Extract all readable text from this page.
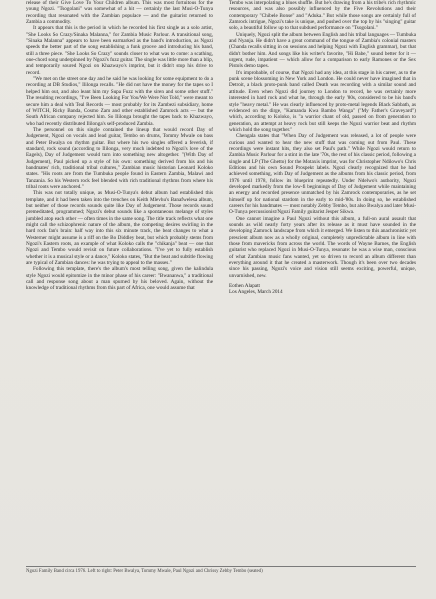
release of their Give Love To Your Children album. This was most fortuitous for the young Ngozi. "Tsogolani" was somewhat of a hit — certainly the last Musi-O-Tunya recording that resonated with the Zambian populace — and the guitarist returned to Zambia a commodity.

It appears that this is the period in which he recorded his first single as a solo artist, "She Looks So Crazy/Sinaka Malanna," for Zambia Music Parlour. A transitional song, "Sinaka Malanna" appears to have been earmarked as the band's introduction, as Ngozi speeds the better part of the song establishing a funk groove and introducing his band, still a three piece. "She Looks So Crazy" sounds closer to what was to come: a scathing, one-chord song underpinned by Ngozi's fuzz guitar. The single was little more than a blip, and temporarily soured Ngozi on Khazwayo's imprint, but it didn't stop his drive to record.

"We met on the street one day and he said he was looking for some equipment to do a recording at DB Studios," Ililonga recalls. "He did not have the money for the tapes so I helped him out, and also leant him my Supa Fuzz with the siren and some other stuff." The resulting recordings, "I've Been Looking For You/We Were Not Told," were meant to secure him a deal with Teal Records — most probably for its Zambezi subsidiary, home of WITCH, Ricky Banda, Cosmo Zam and other established Zamrock acts — but the South African company rejected him. So Ililonga brought the tapes back to Khazwayo, who had recently distributed Ililonga's self-produced Zambia.

The personnel on this single contained the lineup that would record Day of Judgement, Ngozi on vocals and lead guitar, Tembo on drums, Tommy Mwale on bass and Peter Bwalya on rhythm guitar. But where his two singles offered a feverish, if standard, rock sound (according to Ililonga, very much indebted to Ngozi's love of the Eagels), Day of Judgement would turn into something new altogether. "(With Day of Judgement), Paul picked up a style of his own: something derived from his and his bandmates' rich, traditional tribal cultures," Zambian music historian Leonard Koloko states. "His roots are from the Tumbuka people found in Eastern Zambia, Malawi and Tanzania. So his Western rock feel blended with rich traditional rhythms from where his tribal roots were anchored."

This was not totally unique, as Musi-O-Tunya's debut album had established this template, and it had been taken into the trenches on Keith Mlevhu's Banafwelesa album, but neither of those records sounds quite like Day of Judgement. Those records sound premeditated, programmed; Ngozi's debut sounds like a spontaneous melange of styles jumbled atop each other — often times in the same song. The title track reflects what one might call the schizophrenic nature of the album, the competing desires swirling in the hard rock fan's brain: half way into this six minute track, the beat changes to what a Westerner might assume is a riff on the Bo Diddley beat, but which probably stems from Ngozi's Eastern roots, an example of what Koloko calls the "chikanja" beat — one that Ngozi and Tembo would revisit on future collaborations. "I've yet to fully establish whether it is a musical style or a dance," Koloko states, "But the beat and subtitle flowing are typical of Zambian dances: he was trying to appeal to the masses."

Following this template, there's the album's most telling song, given the kalindula style Ngozi would epitomize in the minor phase of his career: "Bwananwa," a traditional call and response song about a man spurned by his beloved. Again, without the knowledge of traditional rhythms from this part of Africa, one would assume that

Tembo was interpolating a blues shuffle. But he's drawing from a his tribe's rich rhythmic resources, and was also possibly influenced by the Five Revolutions and their contemporary "Chibele Bonse" and "Aduka." But while those songs are certainly full of Zamrock intrigue, Ngozi's take is unique, and pushed over the top by his "singing" guitar solo, a beautiful follow up to that subdued performance on "Tsogolani."

Uniquely, Ngozi split the album between English and his tribal languages — Tumbuka and Nyanja. He didn't have a great command of the tongue of Zambia's colonial masters (Chanda recalls sitting in on sessions and helping Ngozi with English grammar), but that didn't bother him. And songs like his writer's favorite, "Hi Babe," sound better for it — urgent, rude, impatient — which allow for a comparison to early Ramones or the Sex Pistols demo tapes.

It's improbable, of course, that Ngozi had any idea, at this stage in his career, as to the punk scene blossoming in New York and London. He could never have imagined that in Detroit, a black proto-punk band called Death was recording with a similar sound and attitude. Even when Ngozi did journey to London to record, he was certainly more interested in hard rock and what he, through the early '80s, considered to be his band's style "heavy metal." He was clearly influenced by proto-metal legends Black Sabbath, as evidenced on the dirge, "Kamanda Kwa Bambo Wanga" ("My Father's Graveyard") which, according to Koloko, is "a warrior chant of old, passed on from generation to generation, an attempt at heavy rock but still keeps the Ngozi warrior beat and rhythm which hold the song together."

Chengala states that "When Day of Judgement was released, a lot of people were curious and wanted to hear the new stuff that was coming out from Paul. These recordings were instant hits, they also set Paul's path." While Ngozi would return to Zambia Music Parlour for a stint in the late '70s, the rest of his classic period, following a single and LP (The Ghetto) for the Motaxis imprint, was for Christopher Ndilowo's Chris Editions and his own Sound Prospekt labels. Ngozi clearly recognized that he had achieved something, with Day of Judgement as the albums from his classic period, from 1976 until 1978, follow its blueprint repeatedly. Under Ndelwo's authority, Ngozi developed markedly from the low-fi beginnings of Day of Judgement while maintaining an energy and recorded presence unmatched by his Zamrock contemporaries, as he set himself up for national stardom in the early to mid-'80s. In doing so, he established careers for his bandmates — most notably Zebby Tembo, but also Bwalya and later Musi-O-Tunya percussionist/Ngozi Family guitarist Jesper Sikwa.

One cannot imagine a Paul Ngozi without this album, a full-on aural assault that sounds as wild nearly forty years after its release as it must have sounded in the developing Zamrock landscape from which it emerged. We listen to this anachronistic yet prescient album now as a wholly original, completely unpredictable album in line with those from mavericks from across the world. The words of Wayne Barnes, the English guitarist who replaced Ngozi in Musi-O-Tunya, resonate: he was a wise man, conscious of what Zambian music fans wanted, yet so driven to record an album different than everything around it that he created a masterwork. Though it's been over two decades since his passing, Ngozi's voice and vision still seems exciting, powerful, unique, unvarnished, new.

Eothen Alapatt

Los Angeles, March 2014

Ngozi Family Band circa 1976. Left to right: Peter Bwalya, Tommy Mwale, Paul Ngozi and Chrissy Zebby Tembo (seated)
